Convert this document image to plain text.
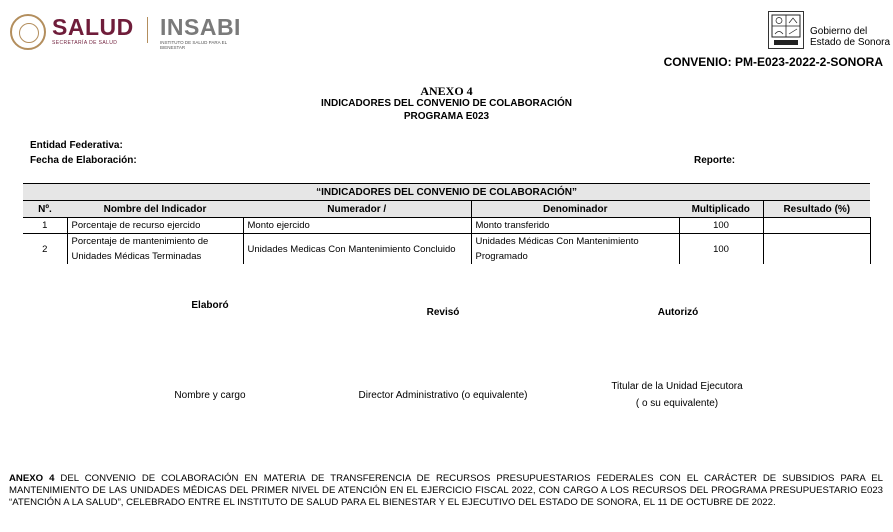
SALUD
SECRETARÍA DE SALUD
INSABI
INSTITUTO DE SALUD PARA EL BIENESTAR
Gobierno del
Estado de Sonora
CONVENIO: PM-E023-2022-2-SONORA
ANEXO 4
INDICADORES DEL CONVENIO DE COLABORACIÓN
PROGRAMA E023
Entidad Federativa:
Fecha de Elaboración:	Reporte:
“INDICADORES DEL CONVENIO DE COLABORACIÓN”					
Nº.	Nombre del Indicador	Numerador /	Denominador	Multiplicado	Resultado (%)
1	Porcentaje de recurso ejercido	Monto ejercido	Monto transferido	100	
2	Porcentaje de mantenimiento de Unidades Médicas Terminadas	Unidades Medicas Con Mantenimiento Concluido	Unidades Médicas Con Mantenimiento Programado	100	
Elaboró
Revisó	Autorizó
Nombre y cargo	Director Administrativo (o equivalente)
Titular de la Unidad Ejecutora
( o su equivalente)
ANEXO 4 DEL CONVENIO DE COLABORACIÓN EN MATERIA DE TRANSFERENCIA DE RECURSOS PRESUPUESTARIOS FEDERALES CON EL CARÁCTER DE SUBSIDIOS PARA EL MANTENIMIENTO DE LAS UNIDADES MÉDICAS DEL PRIMER NIVEL DE ATENCIÓN EN EL EJERCICIO FISCAL 2022, CON CARGO A LOS RECURSOS DEL PROGRAMA PRESUPUESTARIO E023 “ATENCIÓN A LA SALUD”, CELEBRADO ENTRE EL INSTITUTO DE SALUD PARA EL BIENESTAR Y EL EJECUTIVO DEL ESTADO DE SONORA, EL 11 DE OCTUBRE DE 2022.
